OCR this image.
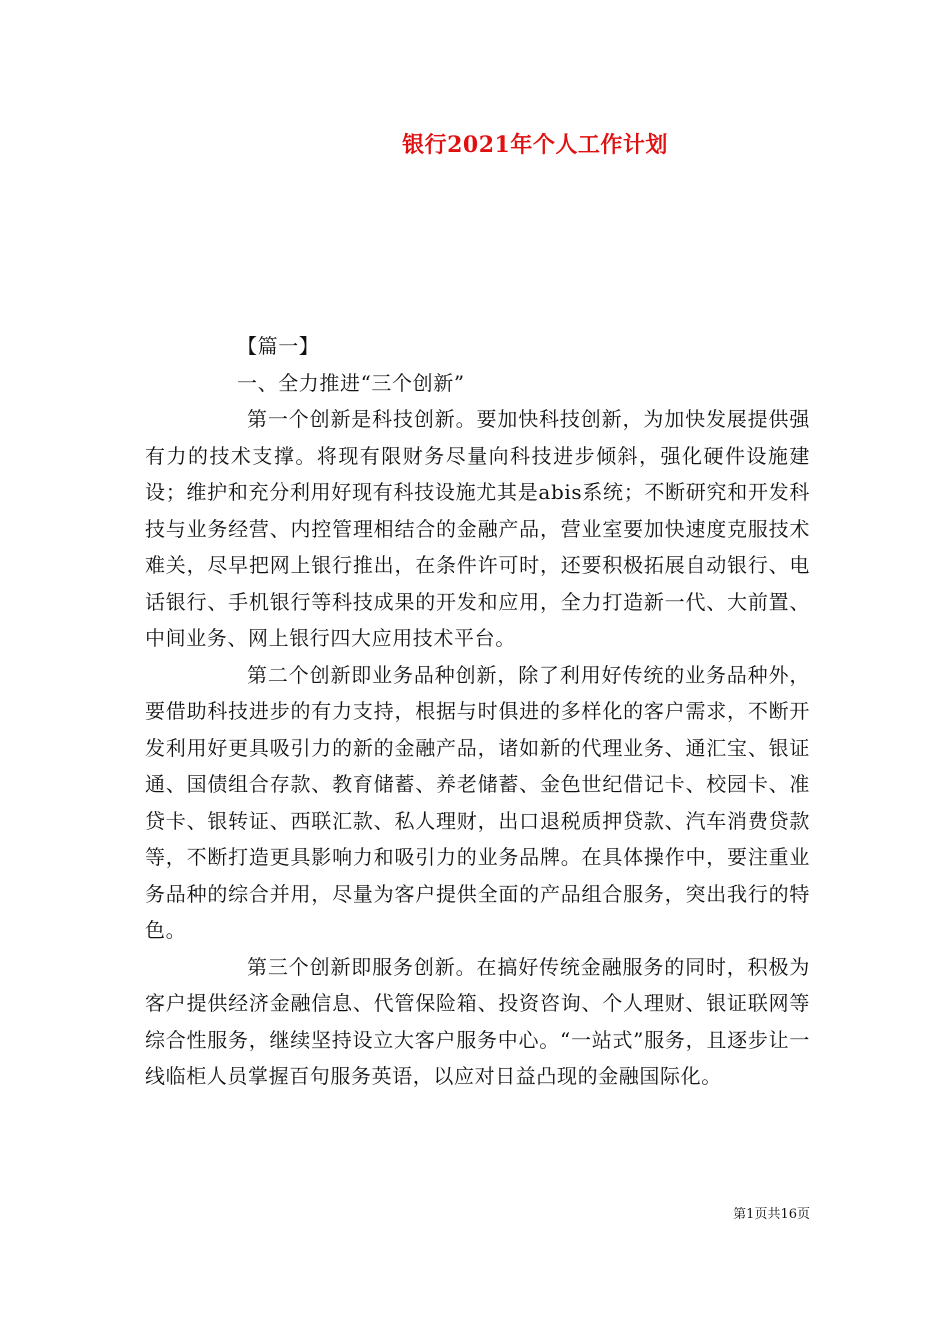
银行2021年个人工作计划

【篇一】

一、全力推进“三个创新”

第一个创新是科技创新。要加快科技创新，为加快发展提供强有力的技术支撑。将现有限财务尽量向科技进步倾斜，强化硬件设施建设；维护和充分利用好现有科技设施尤其是abis系统；不断研究和开发科技与业务经营、内控管理相结合的金融产品，营业室要加快速度克服技术难关，尽早把网上银行推出，在条件许可时，还要积极拓展自动银行、电话银行、手机银行等科技成果的开发和应用，全力打造新一代、大前置、中间业务、网上银行四大应用技术平台。

第二个创新即业务品种创新，除了利用好传统的业务品种外，要借助科技进步的有力支持，根据与时俱进的多样化的客户需求，不断开发利用好更具吸引力的新的金融产品，诸如新的代理业务、通汇宝、银证通、国债组合存款、教育储蓄、养老储蓄、金色世纪借记卡、校园卡、准贷卡、银转证、西联汇款、私人理财，出口退税质押贷款、汽车消费贷款等，不断打造更具影响力和吸引力的业务品牌。在具体操作中，要注重业务品种的综合并用，尽量为客户提供全面的产品组合服务，突出我行的特色。

第三个创新即服务创新。在搞好传统金融服务的同时，积极为客户提供经济金融信息、代管保险箱、投资咨询、个人理财、银证联网等综合性服务，继续坚持设立大客户服务中心。“一站式”服务，且逐步让一线临柜人员掌握百句服务英语，以应对日益凸现的金融国际化。

第1页共16页
